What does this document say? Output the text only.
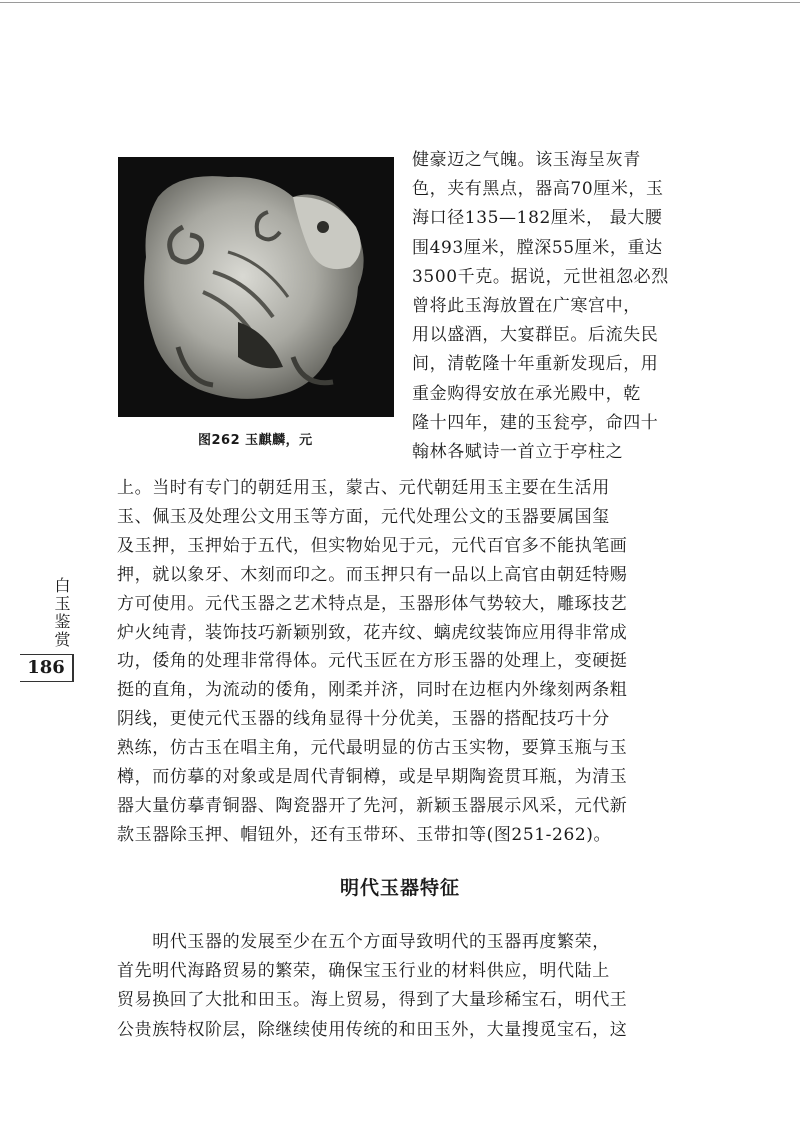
图262 玉麒麟，元
健豪迈之气魄。该玉海呈灰青
色，夹有黑点，器高70厘米，玉
海口径135—182厘米， 最大腰
围493厘米，膛深55厘米，重达
3500千克。据说，元世祖忽必烈
曾将此玉海放置在广寒宫中，
用以盛酒，大宴群臣。后流失民
间，清乾隆十年重新发现后，用
重金购得安放在承光殿中，乾
隆十四年，建的玉瓮亭，命四十
翰林各赋诗一首立于亭柱之
上。当时有专门的朝廷用玉，蒙古、元代朝廷用玉主要在生活用
玉、佩玉及处理公文用玉等方面，元代处理公文的玉器要属国玺
及玉押，玉押始于五代，但实物始见于元，元代百官多不能执笔画
押，就以象牙、木刻而印之。而玉押只有一品以上高官由朝廷特赐
方可使用。元代玉器之艺术特点是，玉器形体气势较大，雕琢技艺
炉火纯青，装饰技巧新颖别致，花卉纹、螭虎纹装饰应用得非常成
功，倭角的处理非常得体。元代玉匠在方形玉器的处理上，变硬挺
挺的直角，为流动的倭角，刚柔并济，同时在边框内外缘刻两条粗
阴线，更使元代玉器的线角显得十分优美，玉器的搭配技巧十分
熟练，仿古玉在唱主角，元代最明显的仿古玉实物，要算玉瓶与玉
樽，而仿摹的对象或是周代青铜樽，或是早期陶瓷贯耳瓶，为清玉
器大量仿摹青铜器、陶瓷器开了先河，新颖玉器展示风采，元代新
款玉器除玉押、帽钮外，还有玉带环、玉带扣等(图251-262)。
白玉鉴赏
186
明代玉器特征
　　明代玉器的发展至少在五个方面导致明代的玉器再度繁荣，
首先明代海路贸易的繁荣，确保宝玉行业的材料供应，明代陆上
贸易换回了大批和田玉。海上贸易，得到了大量珍稀宝石，明代王
公贵族特权阶层，除继续使用传统的和田玉外，大量搜觅宝石，这
